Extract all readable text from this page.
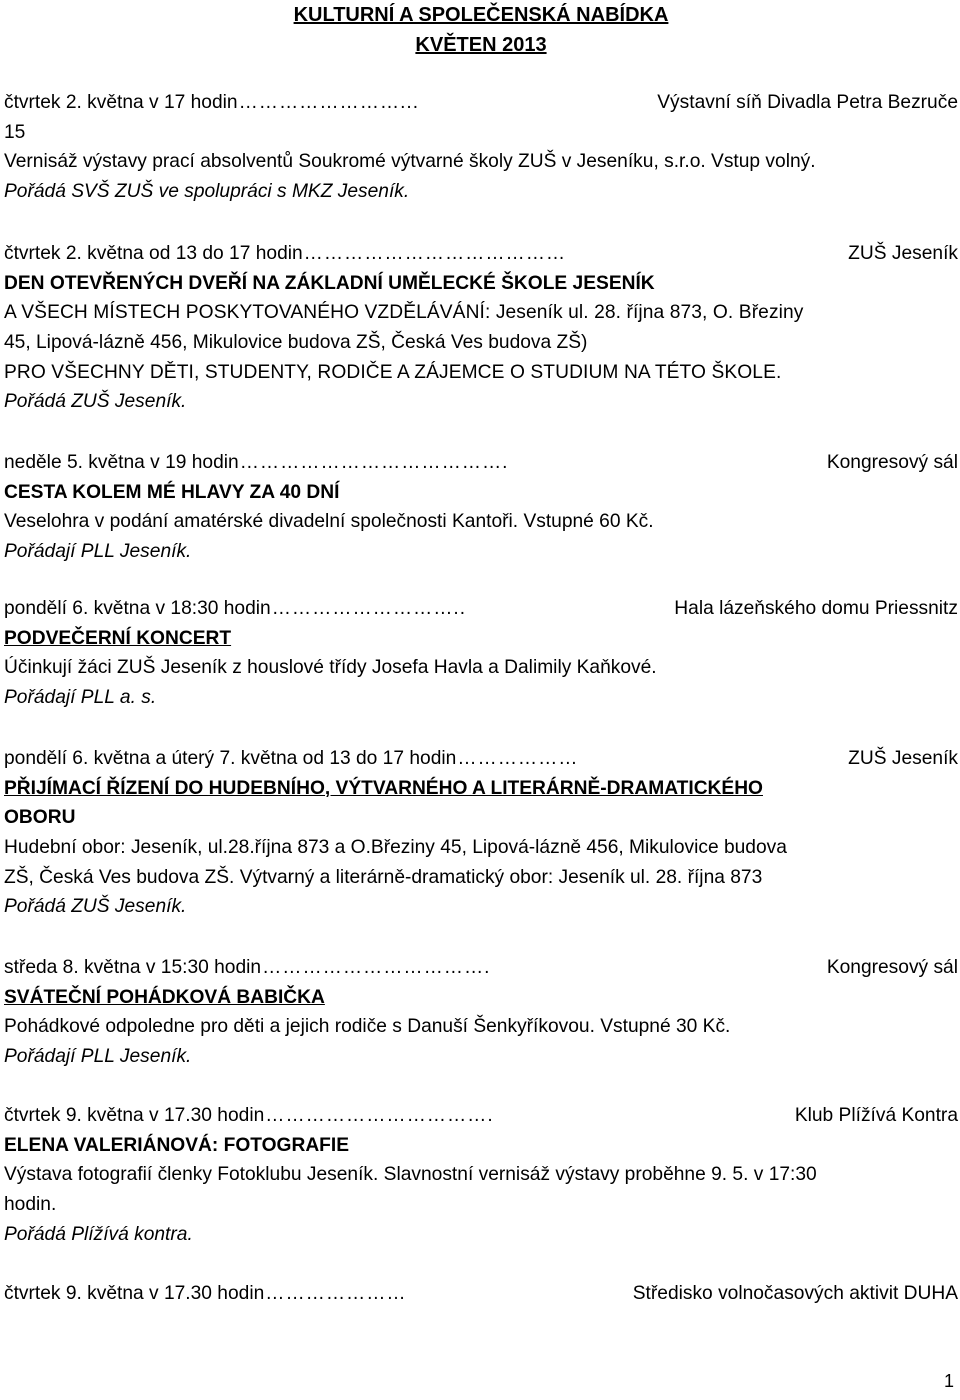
KULTURNÍ A SPOLEČENSKÁ NABÍDKA
KVĚTEN 2013
čtvrtek 2. května v 17 hodin ……………………...	Výstavní síň Divadla Petra Bezruče
15
Vernisáž výstavy prací absolventů Soukromé výtvarné školy ZUŠ v Jeseníku, s.r.o. Vstup volný.
Pořádá SVŠ ZUŠ ve spolupráci s MKZ Jeseník.
čtvrtek 2. května od 13 do 17 hodin …………………………………	ZUŠ Jeseník
DEN OTEVŘENÝCH DVEŘÍ NA ZÁKLADNÍ UMĚLECKÉ ŠKOLE JESENÍK
A VŠECH MÍSTECH POSKYTOVANÉHO VZDĚLÁVÁNÍ: Jeseník ul. 28. října 873, O. Březiny
45, Lipová-lázně 456, Mikulovice budova ZŠ, Česká Ves budova ZŠ)
PRO VŠECHNY DĚTI, STUDENTY, RODIČE A ZÁJEMCE O STUDIUM NA TÉTO ŠKOLE.
Pořádá ZUŠ Jeseník.
neděle 5. května v 19 hodin ………………………………….	Kongresový sál
CESTA KOLEM MÉ HLAVY ZA 40 DNÍ
Veselohra v podání amatérské divadelní společnosti Kantoři. Vstupné 60 Kč.
Pořádají PLL Jeseník.
pondělí 6. května v 18:30 hodin ………………………..	Hala lázeňského domu Priessnitz
PODVEČERNÍ KONCERT
Účinkují žáci ZUŠ Jeseník z houslové třídy Josefa Havla a Dalimily Kaňkové.
Pořádají PLL a. s.
pondělí 6. května a úterý 7. května od 13 do 17 hodin ………………	ZUŠ Jeseník
PŘIJÍMACÍ ŘÍZENÍ DO HUDEBNÍHO, VÝTVARNÉHO A LITERÁRNĚ-DRAMATICKÉHO
OBORU
Hudební obor: Jeseník, ul.28.října 873 a O.Březiny 45, Lipová-lázně 456, Mikulovice budova
ZŠ, Česká Ves budova ZŠ. Výtvarný a literárně-dramatický obor: Jeseník ul. 28. října 873
Pořádá ZUŠ Jeseník.
středa 8. května v 15:30 hodin …………………………….	Kongresový sál
SVÁTEČNÍ POHÁDKOVÁ BABIČKA
Pohádkové odpoledne pro děti a jejich rodiče s Danuší Šenkyříkovou. Vstupné 30 Kč.
Pořádají PLL Jeseník.
čtvrtek 9. května v 17.30 hodin …………………………….	Klub Plížívá Kontra
ELENA VALERIÁNOVÁ: FOTOGRAFIE
Výstava fotografií členky Fotoklubu Jeseník. Slavnostní vernisáž výstavy proběhne 9. 5. v 17:30
hodin.
Pořádá Plížívá kontra.
čtvrtek 9. května v 17.30 hodin …………………	Středisko volnočasových aktivit DUHA
1
